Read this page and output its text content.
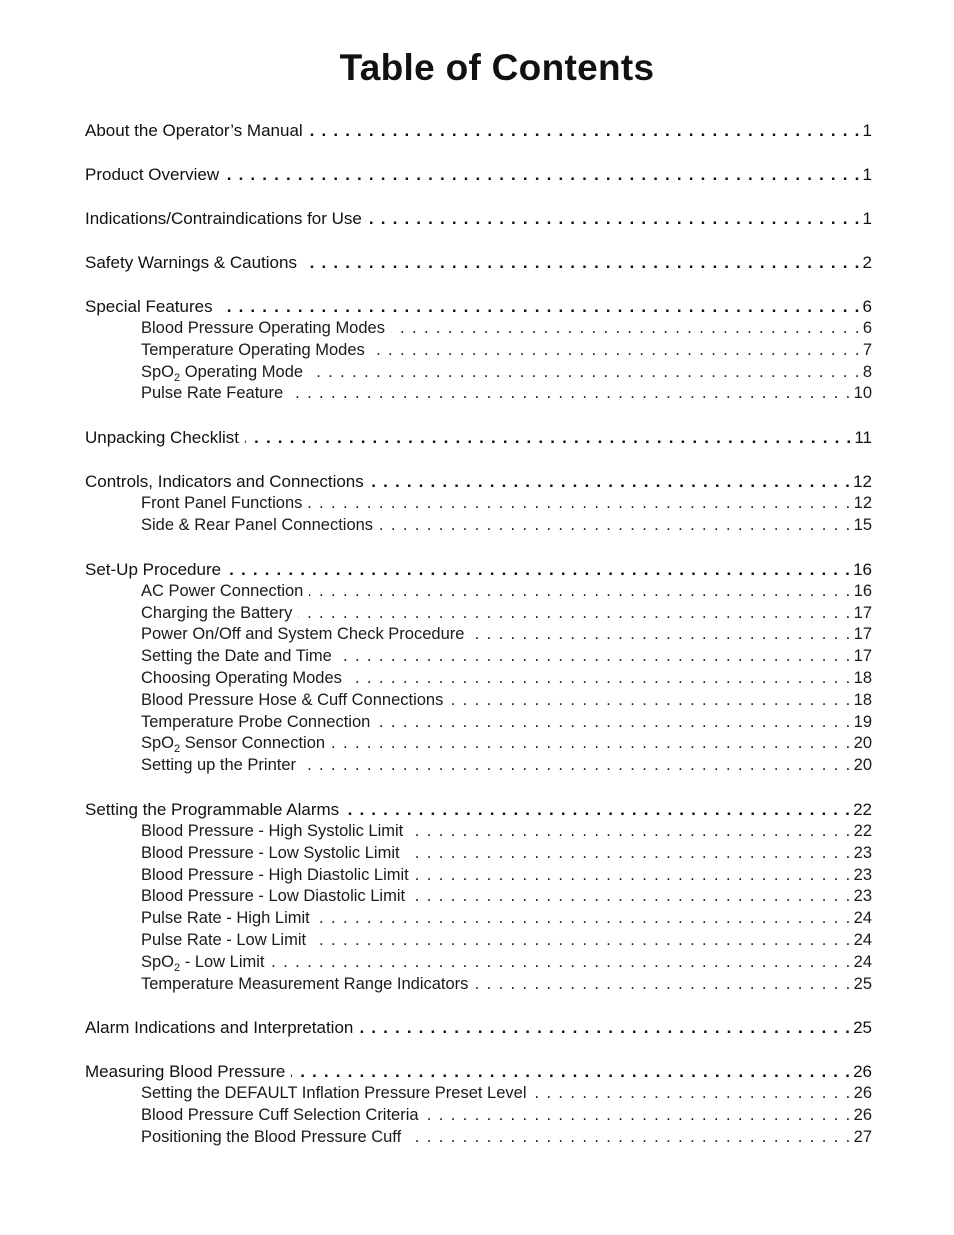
Table of Contents
About the Operator’s Manual . . .	1
Product Overview . . .	1
Indications/Contraindications for Use . . .	1
Safety Warnings & Cautions . . .	2
Special Features . . .	6
Blood Pressure Operating Modes . . .	6
Temperature Operating Modes . . .	7
SpO$_2$ Operating Mode . . .	8
Pulse Rate Feature . . .	10
Unpacking Checklist . . .	11
Controls, Indicators and Connections . . .	12
Front Panel Functions . . .	12
Side & Rear Panel Connections . . .	15
Set-Up Procedure . . .	16
AC Power Connection . . .	16
Charging the Battery . . .	17
Power On/Off and System Check Procedure . . .	17
Setting the Date and Time . . .	17
Choosing Operating Modes . . .	18
Blood Pressure Hose & Cuff Connections . . .	18
Temperature Probe Connection . . .	19
SpO$_2$ Sensor Connection . . .	20
Setting up the Printer . . .	20
Setting the Programmable Alarms . . .	22
Blood Pressure - High Systolic Limit . . .	22
Blood Pressure - Low Systolic Limit . . .	23
Blood Pressure - High Diastolic Limit . . .	23
Blood Pressure - Low Diastolic Limit . . .	23
Pulse Rate - High Limit . . .	24
Pulse Rate - Low Limit . . .	24
SpO$_2$ - Low Limit . . .	24
Temperature Measurement Range Indicators . . .	25
Alarm Indications and Interpretation . . .	25
Measuring Blood Pressure . . .	26
Setting the DEFAULT Inflation Pressure Preset Level . . .	26
Blood Pressure Cuff Selection Criteria . . .	26
Positioning the Blood Pressure Cuff . . .	27
